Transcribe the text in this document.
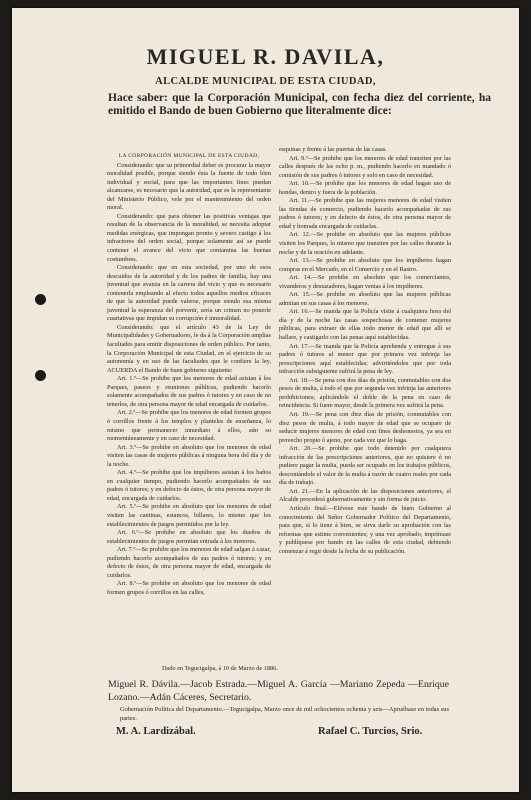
MIGUEL R. DAVILA,
ALCALDE MUNICIPAL DE ESTA CIUDAD,
Hace saber: que la Corporación Municipal, con fecha diez del corriente, ha emitido el Bando de buen Gobierno que literalmente dice:

LA CORPORACIÓN MUNICIPAL DE ESTA CIUDAD,

Considerando: que su primordial deber es procurar la mayor moralidad posible, porque siendo ésta la fuente de todo bien individual y social, para que las importantes fines puedan alcanzarse, es necesario que la autoridad, que es la representante del Ministerio Público, vele por el mantenimiento del orden moral.

Considerando: que para obtener las positivas ventajas que resultan de la observancia de la moralidad, se necesita adoptar medidas enérgicas, que impongan pronto y severo castigo á los infractores del orden social, porque solamente así se puede contener el avance del vicio que contamina las buenas costumbres.

Considerando: que en esta sociedad, por uno de esos descuidos de la autoridad y de los padres de familia, hay una juventud que avanza en la carrera del vicio y que es necesario contenerla empleando al efecto todos aquellos medios eficaces de que la autoridad puede valerse, porque siendo esa misma juventud la esperanza del porvenir, sería un crimen no ponerle cuartativas que impidan su corrupción é inmoralidad.

Considerando: que el artículo 43 de la Ley de Municipalidades y Gobernadores, le da á la Corporación amplias facultades para emitir disposiciones de orden público. Por tanto, la Corporación Municipal de esta Ciudad, en el ejercicio de su autonomía y en uso de las facultades que le confiere la ley, ACUERDA el Bando de buen gobierno siguiente:

Art. 1.º—Se prohibe que los menores de edad asistan á los Parques, paseos y reuniones públicas, pudiendo hacerlo solamente acompañados de sus padres ó tutores y en caso de no tenerlos, de otra persona mayor de edad encargada de cuidarlos.

Art. 2.º—Se prohibe que los menores de edad formen grupos ó corrillos frente á los templos y planteles de enseñanza, lo mismo que permanecer inmediato á ellos, aún so momentáneamente y en caso de necesidad.

Art. 3.º—Se prohibe en absoluto que los menores de edad visiten las casas de mujeres públicas á ninguna hora del día y de la noche.

Art. 4.º—Se prohibe que los impúberes asistan á los baños en cualquier tiempo, pudiendo hacerlo acompañados de sus padres ó tutores; y en defecto de éstos, de otra persona mayor de edad, encargada de cuidarlos.

Art. 5.º—Se prohibe en absoluto que los menores de edad visiten las cantinas, estancos, billares, lo mismo que los establecimientos de juegos permitidos por la ley.

Art. 6.º—Se prohibe en absoluto que los dueños de establecimientos de juegos permitan entrada á los menores.

Art. 7.º—Se prohibe que los menores de edad salgan á cazar, pudiendo hacerlo acompañados de sus padres ó tutores; y en defecto de éstos, de otra persona mayor de edad, encargada de cuidarlos.

Art. 8.º—Se prohibe en absoluto que los menores de edad formen grupos ó corrillos en las calles,

esquinas y frente á las puertas de las casas.

Art. 9.º—Se prohibe que los menores de edad transiten por las calles después de las ocho p. m., pudiendo hacerlo en mandado ó comisión de sus padres ó tutores y solo en caso de necesidad.

Art. 10.—Se prohibe que los menores de edad hagan uso de hondas, dentro y fuera de la población.

Art. 11.—Se prohibe que las mujeres menores de edad visiten las tiendas de comercio, pudiendo hacerlo acompañadas de sus padres ó tutores; y en defecto de éstos, de otra persona mayor de edad y honrada encargada de cuidarlas.

Art. 12.—Se prohibe en absoluto que las mujeres públicas visiten los Parques, lo mismo que transiten por las calles durante la noche y de la oración en adelante.

Art. 13.—Se prohibe en absoluto que los impúberes hagan compras en el Mercado, en el Comercio y en el Rastro.

Art. 14.—Se prohibe en absoluto que los comerciantes, vivanderos y destazadores, hagan ventas á los impúberes.

Art. 15.—Se prohibe en absoluto que las mujeres públicas admitan en sus casas á los menores.

Art. 16.—Se manda que la Policía visite á cualquiera hora del día y de la noche las casas sospechosas de contener mujeres públicas, para extraer de ellas todo menor de edad que allí se hallare, y castigarlo con las penas aquí establecidas.

Art. 17.—Se manda que la Policía aprehenda y entregue á sus padres ó tutores al menor que por primera vez infrinja las prescripciones aquí establecidas; advirtiéndoles que por toda infracción subsiguiente sufrirá la pena de ley.

Art. 18.—Se pena con dos días de prisión, conmutables con dos pesos de multa, á todo el que por segunda vez infrinja las anteriores prohibiciones; aplicándole el doble de la pena en caso de reincidencia. Si fuere mayor, desde la primera vez sufrirá la pena.

Art. 19.—Se pena con diez días de prisión, conmutables con diez pesos de multa, á todo mayor de edad que se ocupare de seducir mujeres menores de edad con fines deshonestos, ya sea en provecho propio ó ajeno, por cada vez que lo haga.

Art. 20.—Se prohibe que todo detenido por cualquiera infracción de las prescripciones anteriores, que no quisiere ó no pudiere pagar la multa, pueda ser ocupado en los trabajos públicos, descontándole el valor de la multa á razón de cuatro reales por cada día de trabajo.

Art. 21.—En la aplicación de las disposiciones anteriores, el Alcalde procederá gubernativamente y sin forma de juicio.

Artículo final.—Elévese este bando de buen Gobierno al conocimiento del Señor Gobernador Político del Departamento, para que, si lo tiene á bien, se sirva darle su aprobación con las reformas que estime convenientes; y una vez aprobado, imprímase y publíquese por bando en las calles de esta ciudad, debiendo comenzar á regir desde la fecha de su publicación.

Dado en Tegucigalpa, á 10 de Marzo de 1886.
Miguel R. Dávila.—Jacob Estrada.—Miguel A. García —Mariano Zepeda —Enrique Lozano.—Adán Cáceres, Secretario.
Gobernación Política del Departamento.—Tegucigalpa, Marzo once de mil ochocientos ochenta y seis—Apruébase en todas sus partes.
M. A. Lardizábal.	Rafael C. Turcios, Srio.
